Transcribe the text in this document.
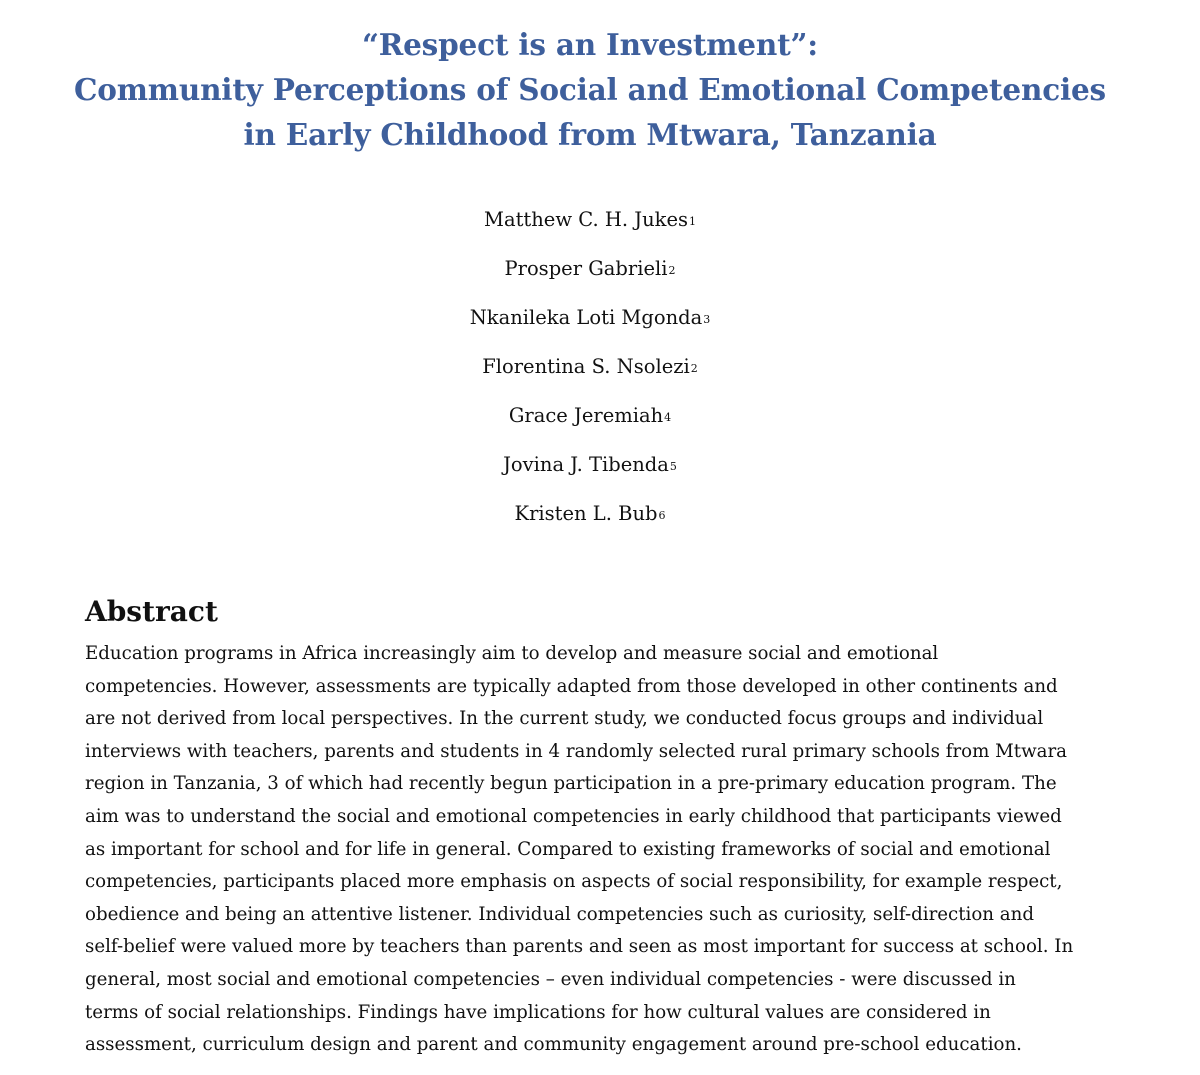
“Respect is an Investment”:
Community Perceptions of Social and Emotional Competencies
in Early Childhood from Mtwara, Tanzania
Matthew C. H. Jukes$^1$
Prosper Gabrieli$^2$
Nkanileka Loti Mgonda$^3$
Florentina S. Nsolezi$^2$
Grace Jeremiah$^4$
Jovina J. Tibenda$^5$
Kristen L. Bub$^6$
Abstract

Education programs in Africa increasingly aim to develop and measure social and emotional
competencies. However, assessments are typically adapted from those developed in other continents and
are not derived from local perspectives. In the current study, we conducted focus groups and individual
interviews with teachers, parents and students in 4 randomly selected rural primary schools from Mtwara
region in Tanzania, 3 of which had recently begun participation in a pre-primary education program. The
aim was to understand the social and emotional competencies in early childhood that participants viewed
as important for school and for life in general. Compared to existing frameworks of social and emotional
competencies, participants placed more emphasis on aspects of social responsibility, for example respect,
obedience and being an attentive listener. Individual competencies such as curiosity, self-direction and
self-belief were valued more by teachers than parents and seen as most important for success at school. In
general, most social and emotional competencies – even individual competencies - were discussed in
terms of social relationships. Findings have implications for how cultural values are considered in
assessment, curriculum design and parent and community engagement around pre-school education.
